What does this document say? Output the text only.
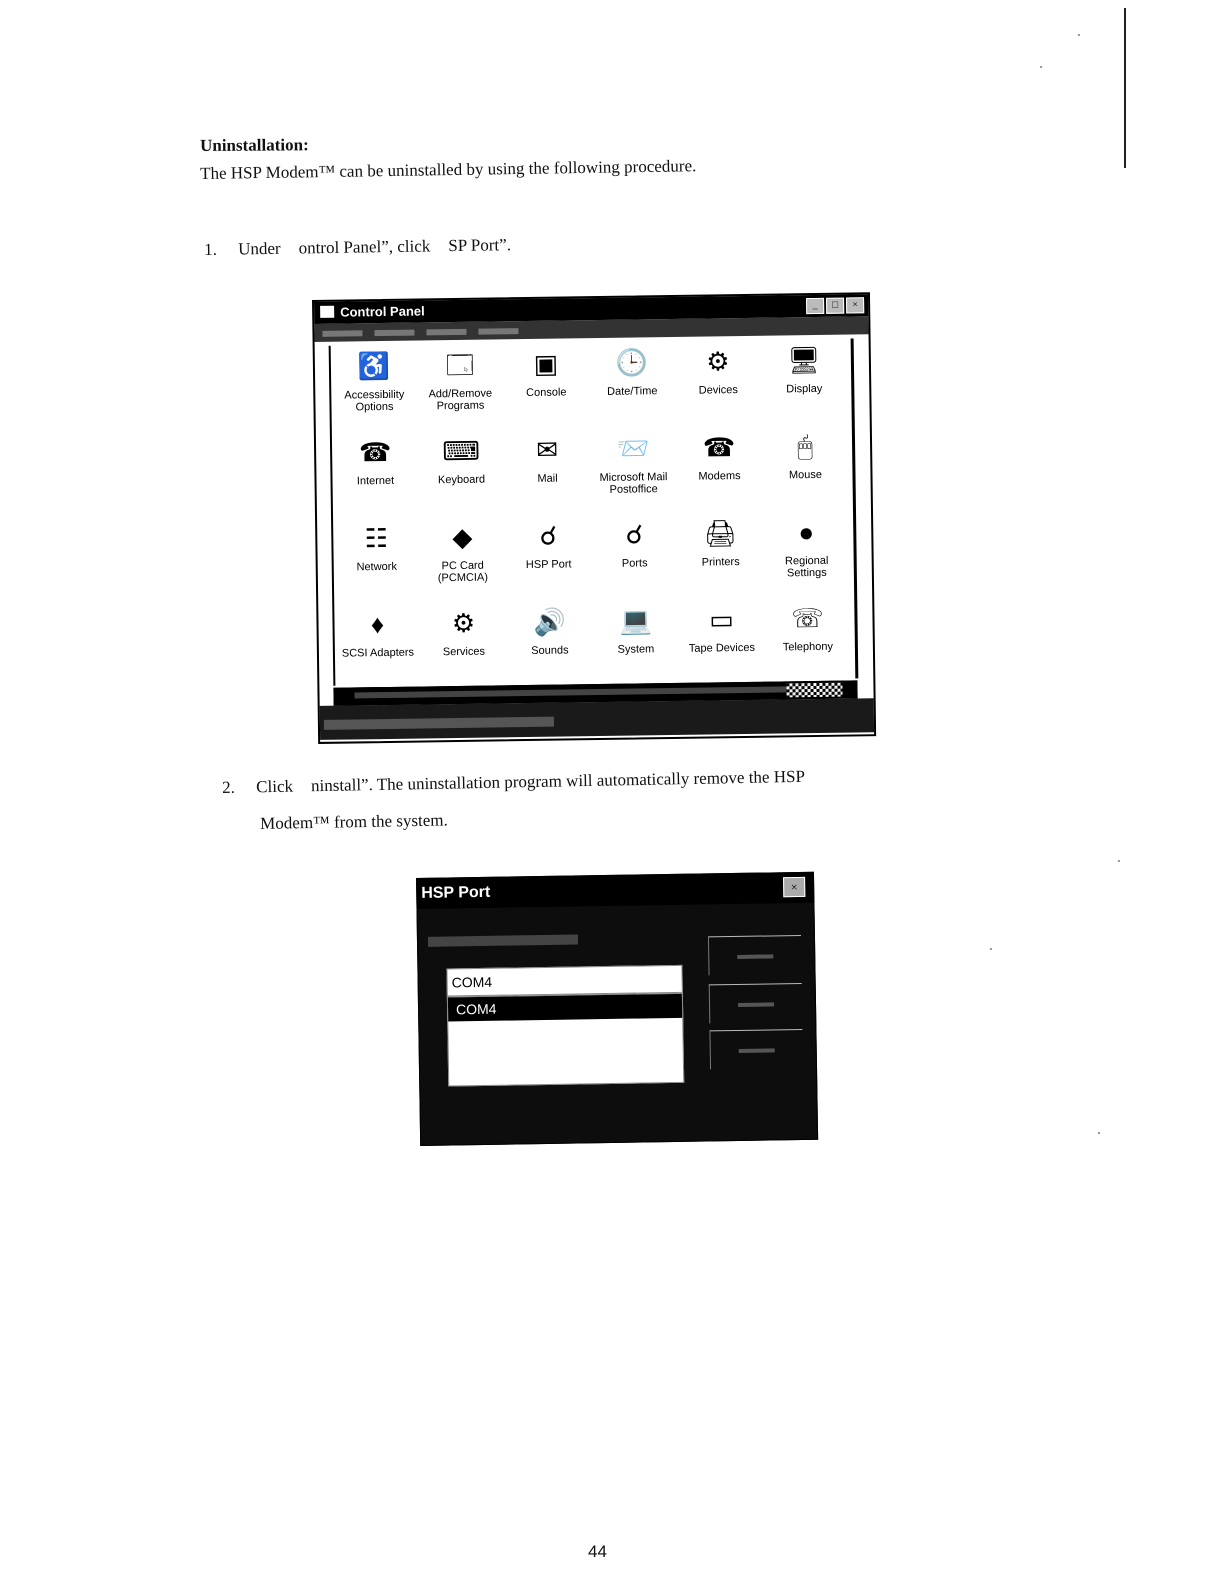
Uninstallation:
The HSP Modem™ can be uninstalled by using the following procedure.
1. Under ontrol Panel”, click SP Port”.
Control Panel	_	□	×
♿
Accessibility
Options
🗔
Add/Remove
Programs
▣
Console
🕒
Date/Time
⚙
Devices
🖥
Display
☎
Internet
⌨
Keyboard
✉
Mail
📨
Microsoft Mail
Postoffice
☎
Modems
🖱
Mouse
☷
Network
◆
PC Card
(PCMCIA)
☌
HSP Port
☌
Ports
🖨
Printers
●
Regional
Settings
♦
SCSI Adapters
⚙
Services
🔊
Sounds
💻
System
▭
Tape Devices
☏
Telephony
2. Click ninstall”. The uninstallation program will automatically remove the HSP
Modem™ from the system.
HSP Port	×
COM4
COM4
44
